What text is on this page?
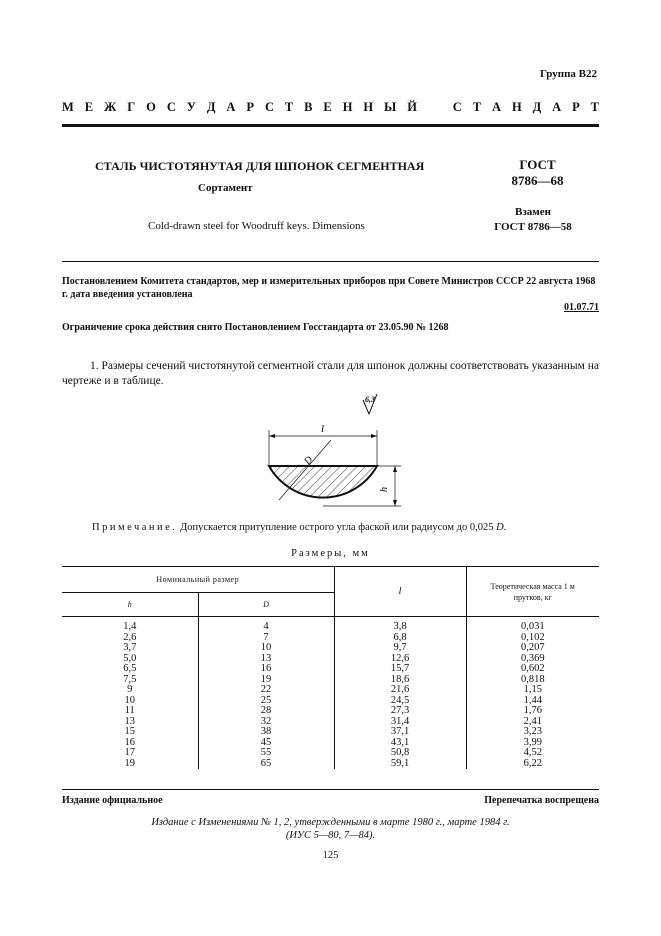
Группа В22
М Е Ж Г О С У Д А Р С Т В Е Н Н Ы Й	С Т А Н Д А Р Т
СТАЛЬ ЧИСТОТЯНУТАЯ ДЛЯ ШПОНОК СЕГМЕНТНАЯ
Сортамент
ГОСТ
8786—68
Cold-drawn steel for Woodruff keys. Dimensions
Взамен
ГОСТ 8786—58
Постановлением Комитета стандартов, мер и измерительных приборов при Совете Министров СССР 22 августа 1968 г. дата введения установлена
01.07.71
Ограничение срока действия снято Постановлением Госстандарта от 23.05.90 № 1268
1. Размеры сечений чистотянутой сегментной стали для шпонок должны соответствовать указанным на чертеже и в таблице.
6,3
l
D
h
Примечание. Допускается притупление острого угла фаской или радиусом до 0,025 D.
Размеры, мм
Номинальный размер		l	Теоретическая масса 1 м прутков, кг
h	D		
1,4	4	3,8	0,031
2,6	7	6,8	0,102
3,7	10	9,7	0,207
5,0	13	12,6	0,369
6,5	16	15,7	0,602
7,5	19	18,6	0,818
9	22	21,6	1,15
10	25	24,5	1,44
11	28	27,3	1,76
13	32	31,4	2,41
15	38	37,1	3,23
16	45	43,1	3,99
17	55	50,8	4,52
19	65	59,1	6,22
Издание официальное	Перепечатка воспрещена
Издание с Изменениями № 1, 2, утвержденными в марте 1980 г., марте 1984 г.
(ИУС 5—80, 7—84).
125
